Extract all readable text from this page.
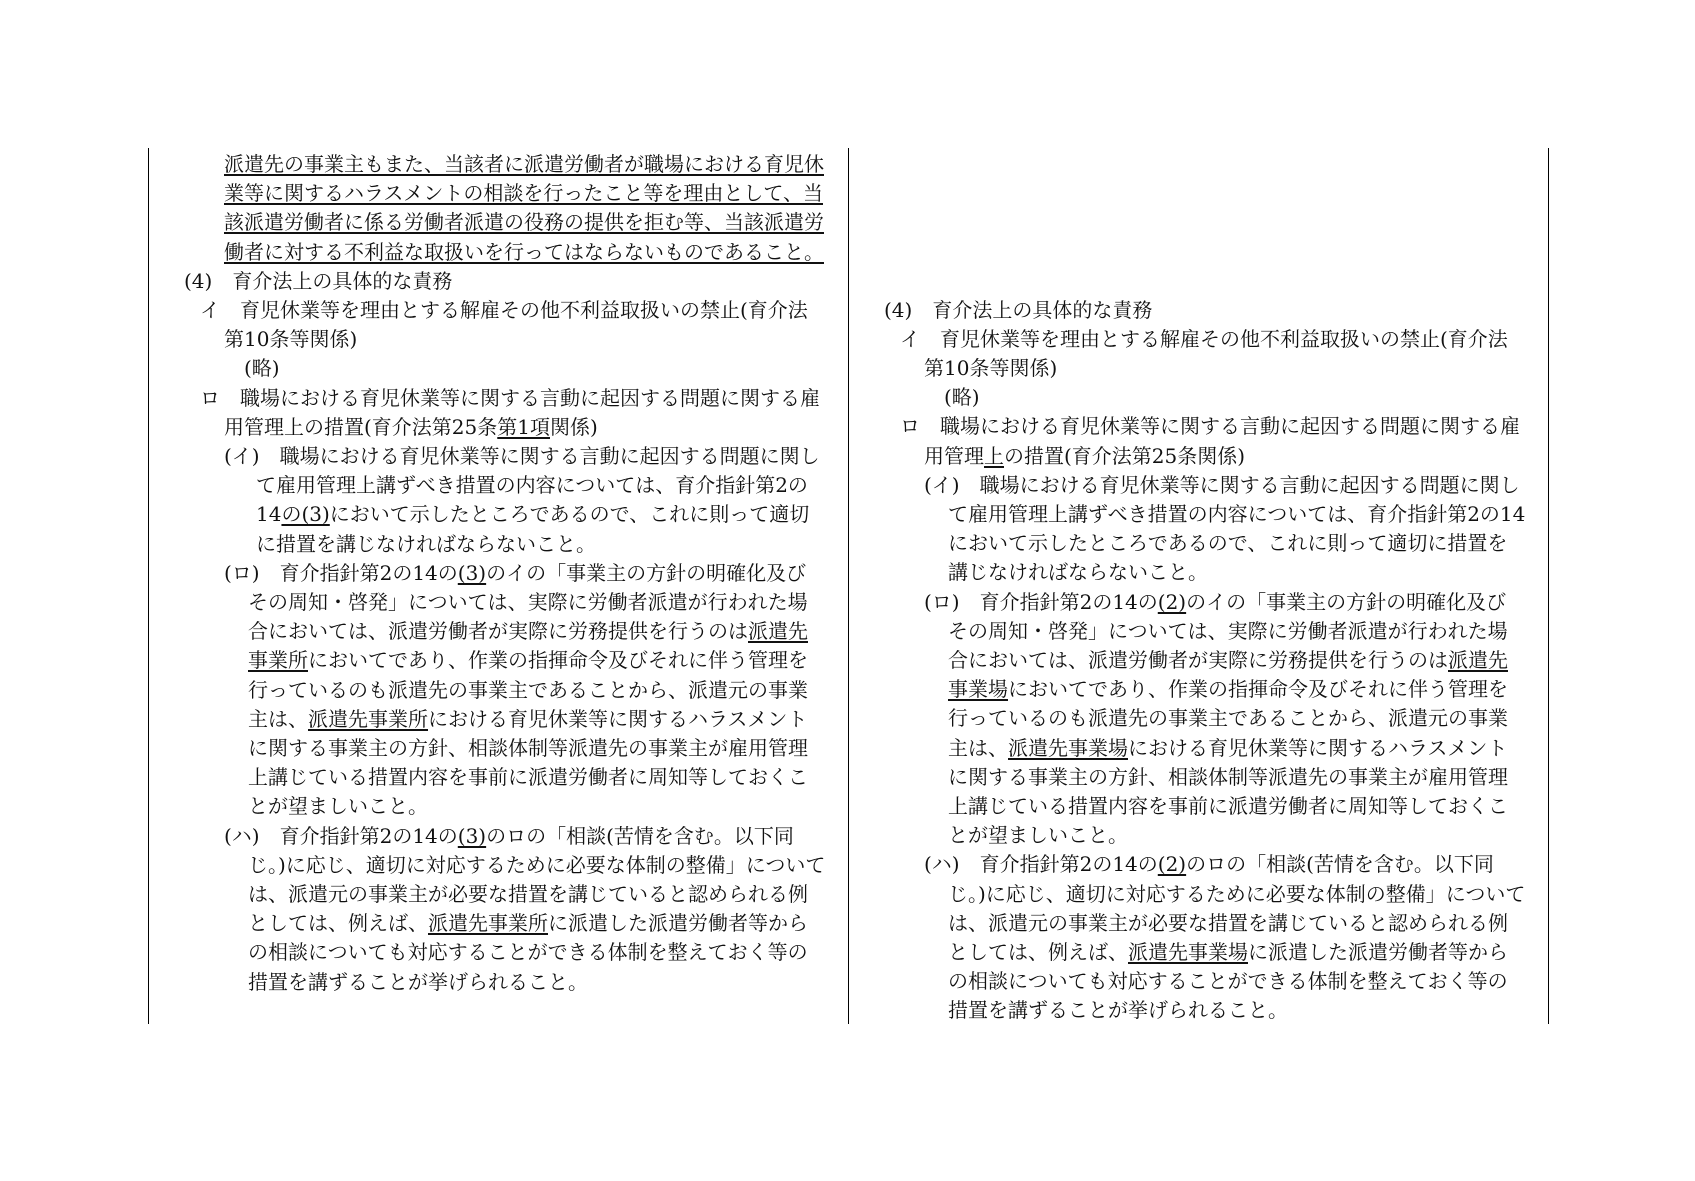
派遣先の事業主もまた、当該者に派遣労働者が職場における育児休業等に関するハラスメントの相談を行ったこと等を理由として、当該派遣労働者に係る労働者派遣の役務の提供を拒む等、当該派遣労働者に対する不利益な取扱いを行ってはならないものであること。

(4)　育介法上の具体的な責務

イ　育児休業等を理由とする解雇その他不利益取扱いの禁止(育介法第10条等関係)

(略)

ロ　職場における育児休業等に関する言動に起因する問題に関する雇用管理上の措置(育介法第25条第1項関係)

(イ)　職場における育児休業等に関する言動に起因する問題に関して雇用管理上講ずべき措置の内容については、育介指針第2の14の(3)において示したところであるので、これに則って適切に措置を講じなければならないこと。

(ロ)　育介指針第2の14の(3)のイの「事業主の方針の明確化及びその周知・啓発」については、実際に労働者派遣が行われた場合においては、派遣労働者が実際に労務提供を行うのは派遣先事業所においてであり、作業の指揮命令及びそれに伴う管理を行っているのも派遣先の事業主であることから、派遣元の事業主は、派遣先事業所における育児休業等に関するハラスメントに関する事業主の方針、相談体制等派遣先の事業主が雇用管理上講じている措置内容を事前に派遣労働者に周知等しておくことが望ましいこと。

(ハ)　育介指針第2の14の(3)のロの「相談(苦情を含む。以下同じ。)に応じ、適切に対応するために必要な体制の整備」については、派遣元の事業主が必要な措置を講じていると認められる例としては、例えば、派遣先事業所に派遣した派遣労働者等からの相談についても対応することができる体制を整えておく等の措置を講ずることが挙げられること。

(4)　育介法上の具体的な責務

イ　育児休業等を理由とする解雇その他不利益取扱いの禁止(育介法第10条等関係)

(略)

ロ　職場における育児休業等に関する言動に起因する問題に関する雇用管理上の措置(育介法第25条関係)

(イ)　職場における育児休業等に関する言動に起因する問題に関して雇用管理上講ずべき措置の内容については、育介指針第2の14において示したところであるので、これに則って適切に措置を講じなければならないこと。

(ロ)　育介指針第2の14の(2)のイの「事業主の方針の明確化及びその周知・啓発」については、実際に労働者派遣が行われた場合においては、派遣労働者が実際に労務提供を行うのは派遣先事業場においてであり、作業の指揮命令及びそれに伴う管理を行っているのも派遣先の事業主であることから、派遣元の事業主は、派遣先事業場における育児休業等に関するハラスメントに関する事業主の方針、相談体制等派遣先の事業主が雇用管理上講じている措置内容を事前に派遣労働者に周知等しておくことが望ましいこと。

(ハ)　育介指針第2の14の(2)のロの「相談(苦情を含む。以下同じ。)に応じ、適切に対応するために必要な体制の整備」については、派遣元の事業主が必要な措置を講じていると認められる例としては、例えば、派遣先事業場に派遣した派遣労働者等からの相談についても対応することができる体制を整えておく等の措置を講ずることが挙げられること。
